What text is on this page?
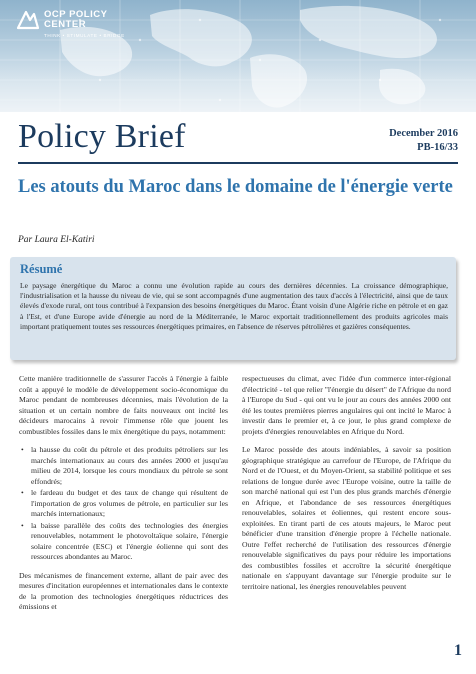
OCP POLICY
CENTER
THINK • STIMULATE • BRIDGE
Policy Brief	December 2016
PB-16/33
Les atouts du Maroc dans le domaine de l'énergie verte
Par Laura El-Katiri
Résumé
Le paysage énergétique du Maroc a connu une évolution rapide au cours des dernières décennies. La croissance démographique, l'industrialisation et la hausse du niveau de vie, qui se sont accompagnés d'une augmentation des taux d'accès à l'électricité, ainsi que de taux élevés d'exode rural, ont tous contribué à l'expansion des besoins énergétiques du Maroc. Étant voisin d'une Algérie riche en pétrole et en gaz à l'Est, et d'une Europe avide d'énergie au nord de la Méditerranée, le Maroc exportait traditionnellement des produits agricoles mais important pratiquement toutes ses ressources énergétiques primaires, en l'absence de réserves pétrolières et gazières conséquentes.

Cette manière traditionnelle de s'assurer l'accès à l'énergie à faible coût a appuyé le modèle de développement socio-économique du Maroc pendant de nombreuses décennies, mais l'évolution de la situation et un certain nombre de faits nouveaux ont incité les décideurs marocains à revoir l'immense rôle que jouent les combustibles fossiles dans le mix énergétique du pays, notamment:

• la hausse du coût du pétrole et des produits pétroliers sur les marchés internationaux au cours des années 2000 et jusqu'au milieu de 2014, lorsque les cours mondiaux du pétrole se sont effondrés;
• le fardeau du budget et des taux de change qui résultent de l'importation de gros volumes de pétrole, en particulier sur les marchés internationaux;
• la baisse parallèle des coûts des technologies des énergies renouvelables, notamment le photovoltaïque solaire, l'énergie solaire concentrée (ESC) et l'énergie éolienne qui sont des ressources abondantes au Maroc.

Des mécanismes de financement externe, allant de pair avec des mesures d'incitation européennes et internationales dans le contexte de la promotion des technologies énergétiques réductrices des émissions et

respectueuses du climat, avec l'idée d'un commerce inter-régional d'électricité - tel que relier "l'énergie du désert" de l'Afrique du nord à l'Europe du Sud - qui ont vu le jour au cours des années 2000 ont été les toutes premières pierres angulaires qui ont incité le Maroc à investir dans le premier et, à ce jour, le plus grand complexe de projets d'énergies renouvelables en Afrique du Nord.

Le Maroc possède des atouts indéniables, à savoir sa position géographique stratégique au carrefour de l'Europe, de l'Afrique du Nord et de l'Ouest, et du Moyen-Orient, sa stabilité politique et ses relations de longue durée avec l'Europe voisine, outre la taille de son marché national qui est l'un des plus grands marchés d'énergie en Afrique, et l'abondance de ses ressources énergétiques renouvelables, solaires et éoliennes, qui restent encore sous-exploitées. En tirant parti de ces atouts majeurs, le Maroc peut bénéficier d'une transition d'énergie propre à l'échelle nationale. Outre l'effet recherché de l'utilisation des ressources d'énergie renouvelable significatives du pays pour réduire les importations des combustibles fossiles et accroître la sécurité énergétique nationale en s'appuyant davantage sur l'énergie produite sur le territoire national, les énergies renouvelables peuvent

1
